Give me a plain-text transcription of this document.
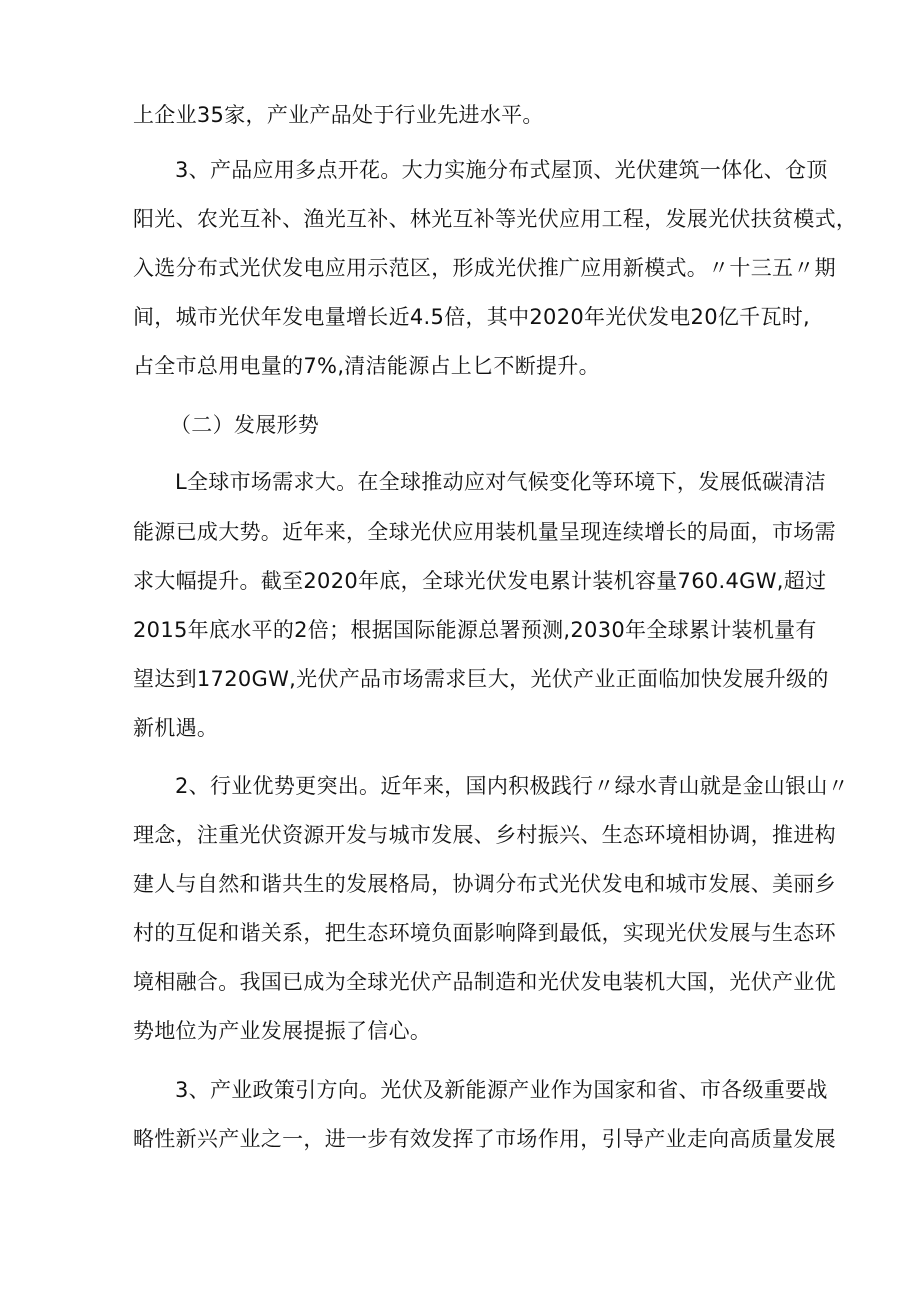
上企业35家，产业产品处于行业先进水平。
3、产品应用多点开花。大力实施分布式屋顶、光伏建筑一体化、仓顶
阳光、农光互补、渔光互补、林光互补等光伏应用工程，发展光伏扶贫模式，
入选分布式光伏发电应用示范区，形成光伏推广应用新模式。〃十三五〃期
间，城市光伏年发电量增长近4.5倍，其中2020年光伏发电20亿千瓦时,
占全市总用电量的7%,清洁能源占上匕不断提升。
（二）发展形势
L全球市场需求大。在全球推动应对气候变化等环境下，发展低碳清洁
能源已成大势。近年来，全球光伏应用装机量呈现连续增长的局面，市场需
求大幅提升。截至2020年底，全球光伏发电累计装机容量760.4GW,超过
2015年底水平的2倍；根据国际能源总署预测,2030年全球累计装机量有
望达到1720GW,光伏产品市场需求巨大，光伏产业正面临加快发展升级的
新机遇。
2、行业优势更突出。近年来，国内积极践行〃绿水青山就是金山银山〃
理念，注重光伏资源开发与城市发展、乡村振兴、生态环境相协调，推进构
建人与自然和谐共生的发展格局，协调分布式光伏发电和城市发展、美丽乡
村的互促和谐关系，把生态环境负面影响降到最低，实现光伏发展与生态环
境相融合。我国已成为全球光伏产品制造和光伏发电装机大国，光伏产业优
势地位为产业发展提振了信心。
3、产业政策引方向。光伏及新能源产业作为国家和省、市各级重要战
略性新兴产业之一，进一步有效发挥了市场作用，引导产业走向高质量发展
